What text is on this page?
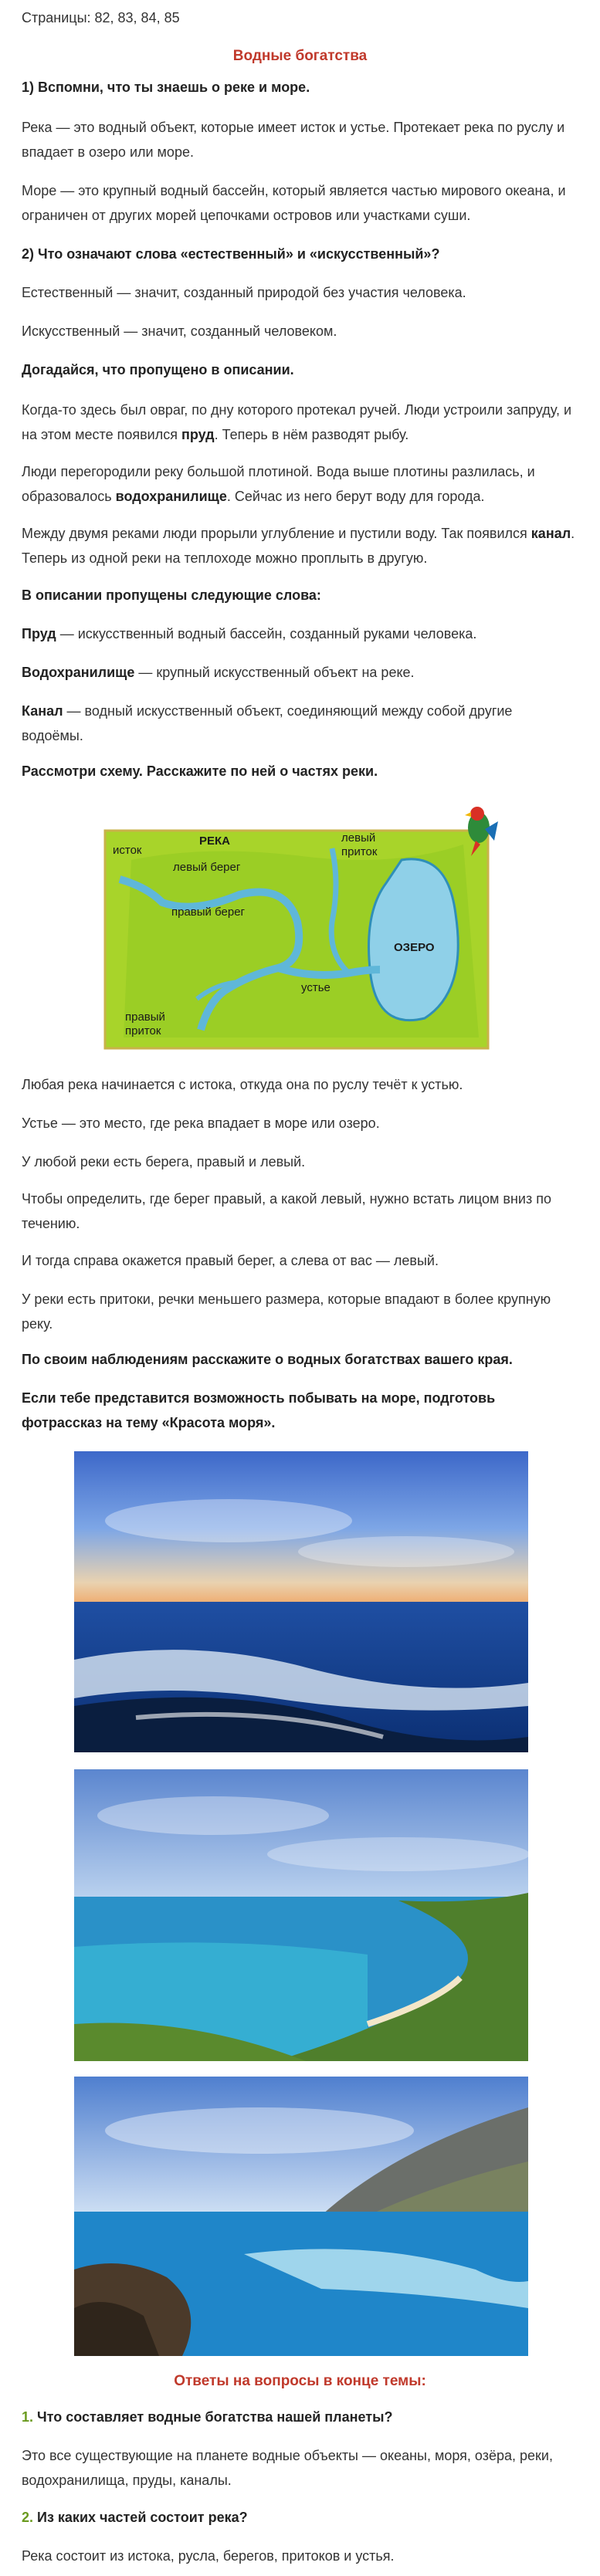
Страницы: 82, 83, 84, 85
Водные богатства
1) Вспомни, что ты знаешь о реке и море.
Река — это водный объект, которые имеет исток и устье. Протекает река по руслу и впадает в озеро или море.
Море — это крупный водный бассейн, который является частью мирового океана, и ограничен от других морей цепочками островов или участками суши.
2) Что означают слова «естественный» и «искусственный»?
Естественный — значит, созданный природой без участия человека.
Искусственный — значит, созданный человеком.
Догадайся, что пропущено в описании.
Когда-то здесь был овраг, по дну которого протекал ручей. Люди устроили запруду, и на этом месте появился пруд. Теперь в нём разводят рыбу.
Люди перегородили реку большой плотиной. Вода выше плотины разлилась, и образовалось водохранилище. Сейчас из него берут воду для города.
Между двумя реками люди прорыли углубление и пустили воду. Так появился канал. Теперь из одной реки на теплоходе можно проплыть в другую.
В описании пропущены следующие слова:
Пруд — искусственный водный бассейн, созданный руками человека.
Водохранилище — крупный искусственный объект на реке.
Канал — водный искусственный объект, соединяющий между собой другие водоёмы.
Рассмотри схему. Расскажите по ней о частях реки.
исток
РЕКА
левый берег
правый берег
левый
приток
ОЗЕРО
устье
правый
приток
Любая река начинается с истока, откуда она по руслу течёт к устью.
Устье — это место, где река впадает в море или озеро.
У любой реки есть берега, правый и левый.
Чтобы определить, где берег правый, а какой левый, нужно встать лицом вниз по течению.
И тогда справа окажется правый берег, а слева от вас — левый.
У реки есть притоки, речки меньшего размера, которые впадают в более крупную реку.
По своим наблюдениям расскажите о водных богатствах вашего края.
Если тебе представится возможность побывать на море, подготовь фотрассказ на тему «Красота моря».
Ответы на вопросы в конце темы:
1. Что составляет водные богатства нашей планеты?
Это все существующие на планете водные объекты — океаны, моря, озёра, реки, водохранилища, пруды, каналы.
2. Из каких частей состоит река?
Река состоит из истока, русла, берегов, притоков и устья.
